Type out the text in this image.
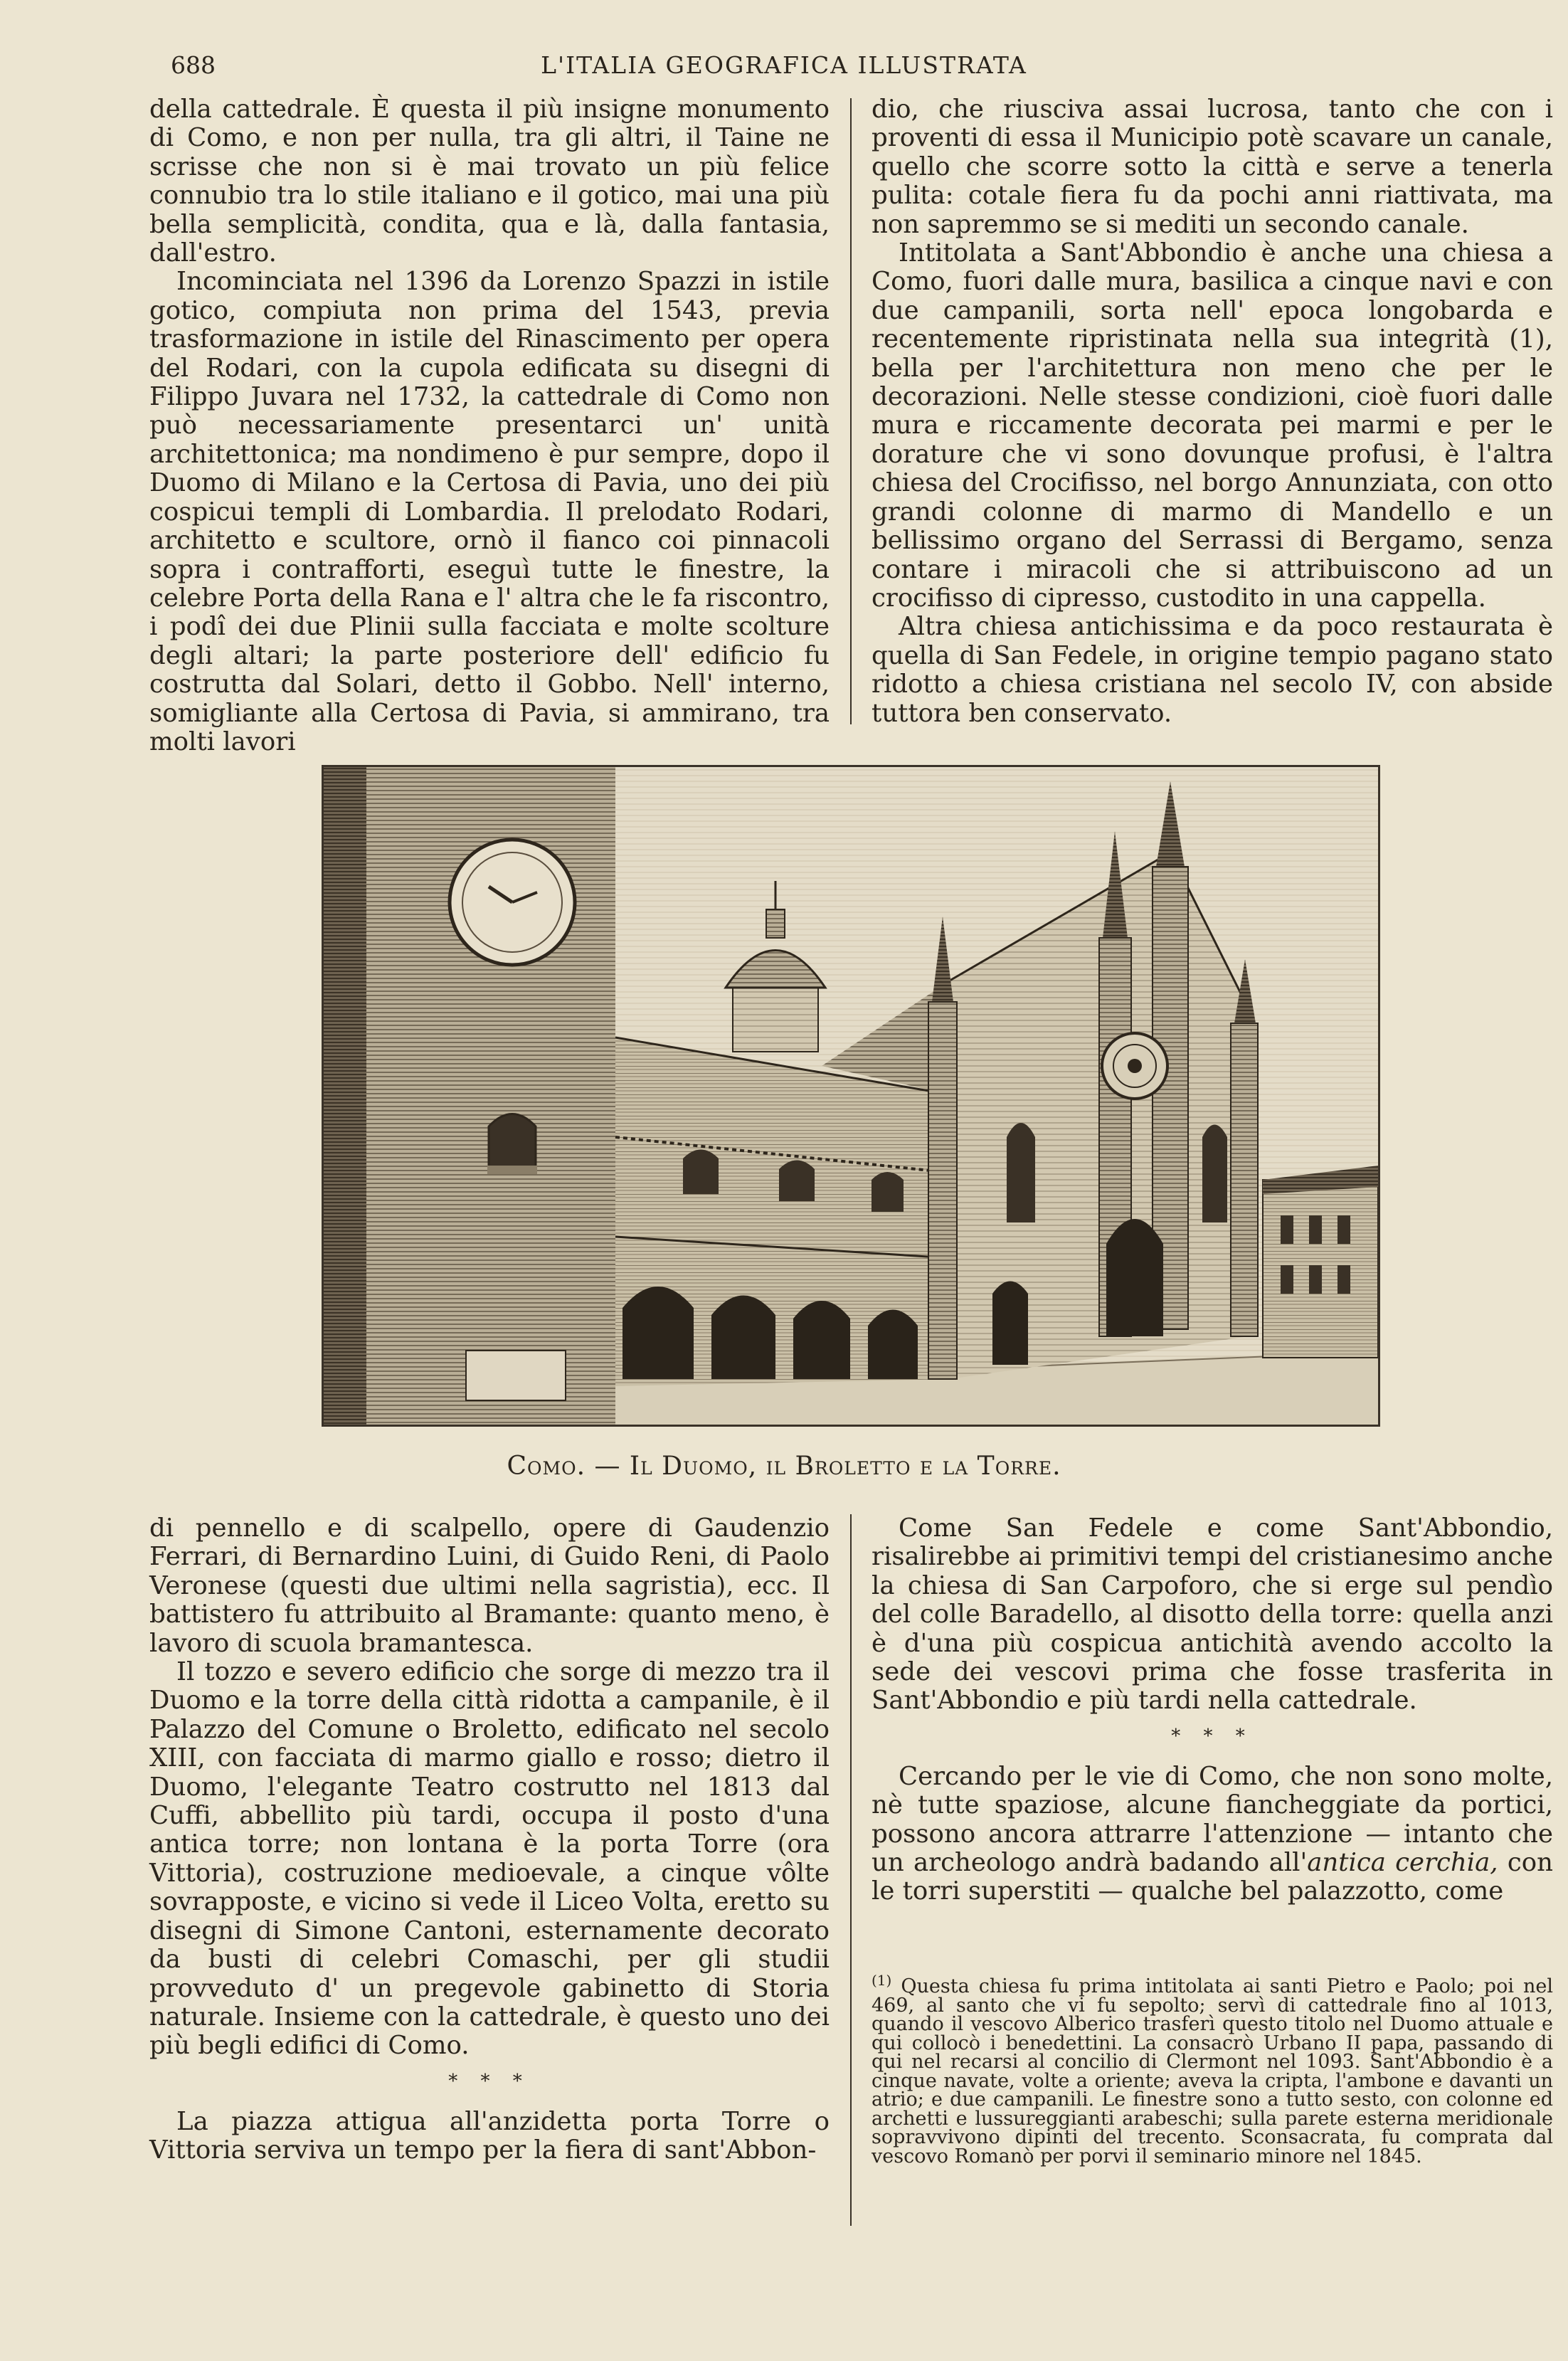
688	L'ITALIA GEOGRAFICA ILLUSTRATA

della cattedrale. È questa il più insigne monumento di Como, e non per nulla, tra gli altri, il Taine ne scrisse che non si è mai trovato un più felice connubio tra lo stile italiano e il gotico, mai una più bella semplicità, condita, qua e là, dalla fantasia, dall'estro.

Incominciata nel 1396 da Lorenzo Spazzi in istile gotico, compiuta non prima del 1543, previa trasformazione in istile del Rinascimento per opera del Rodari, con la cupola edificata su disegni di Filippo Juvara nel 1732, la cattedrale di Como non può necessariamente presentarci un' unità architettonica; ma nondimeno è pur sempre, dopo il Duomo di Milano e la Certosa di Pavia, uno dei più cospicui templi di Lombardia. Il prelodato Rodari, architetto e scultore, ornò il fianco coi pinnacoli sopra i contrafforti, eseguì tutte le finestre, la celebre Porta della Rana e l' altra che le fa riscontro, i podî dei due Plinii sulla facciata e molte scolture degli altari; la parte posteriore dell' edificio fu costrutta dal Solari, detto il Gobbo. Nell' interno, somigliante alla Certosa di Pavia, si ammirano, tra molti lavori

dio, che riusciva assai lucrosa, tanto che con i proventi di essa il Municipio potè scavare un canale, quello che scorre sotto la città e serve a tenerla pulita: cotale fiera fu da pochi anni riattivata, ma non sapremmo se si mediti un secondo canale.

Intitolata a Sant'Abbondio è anche una chiesa a Como, fuori dalle mura, basilica a cinque navi e con due campanili, sorta nell' epoca longobarda e recentemente ripristinata nella sua integrità (1), bella per l'architettura non meno che per le decorazioni. Nelle stesse condizioni, cioè fuori dalle mura e riccamente decorata pei marmi e per le dorature che vi sono dovunque profusi, è l'altra chiesa del Crocifisso, nel borgo Annunziata, con otto grandi colonne di marmo di Mandello e un bellissimo organo del Serrassi di Bergamo, senza contare i miracoli che si attribuiscono ad un crocifisso di cipresso, custodito in una cappella.

Altra chiesa antichissima e da poco restaurata è quella di San Fedele, in origine tempio pagano stato ridotto a chiesa cristiana nel secolo IV, con abside tuttora ben conservato.

Como. — Il Duomo, il Broletto e la Torre.

di pennello e di scalpello, opere di Gaudenzio Ferrari, di Bernardino Luini, di Guido Reni, di Paolo Veronese (questi due ultimi nella sagristia), ecc. Il battistero fu attribuito al Bramante: quanto meno, è lavoro di scuola bramantesca.

Il tozzo e severo edificio che sorge di mezzo tra il Duomo e la torre della città ridotta a campanile, è il Palazzo del Comune o Broletto, edificato nel secolo XIII, con facciata di marmo giallo e rosso; dietro il Duomo, l'elegante Teatro costrutto nel 1813 dal Cuffi, abbellito più tardi, occupa il posto d'una antica torre; non lontana è la porta Torre (ora Vittoria), costruzione medioevale, a cinque vôlte sovrapposte, e vicino si vede il Liceo Volta, eretto su disegni di Simone Cantoni, esternamente decorato da busti di celebri Comaschi, per gli studii provveduto d' un pregevole gabinetto di Storia naturale. Insieme con la cattedrale, è questo uno dei più begli edifici di Como.

* * *

La piazza attigua all'anzidetta porta Torre o Vittoria serviva un tempo per la fiera di sant'Abbon-

Come San Fedele e come Sant'Abbondio, risalirebbe ai primitivi tempi del cristianesimo anche la chiesa di San Carpoforo, che si erge sul pendìo del colle Baradello, al disotto della torre: quella anzi è d'una più cospicua antichità avendo accolto la sede dei vescovi prima che fosse trasferita in Sant'Abbondio e più tardi nella cattedrale.

* * *

Cercando per le vie di Como, che non sono molte, nè tutte spaziose, alcune fiancheggiate da portici, possono ancora attrarre l'attenzione — intanto che un archeologo andrà badando all'antica cerchia, con le torri superstiti — qualche bel palazzotto, come

$^{(1)}$ Questa chiesa fu prima intitolata ai santi Pietro e Paolo; poi nel 469, al santo che vi fu sepolto; servì di cattedrale fino al 1013, quando il vescovo Alberico trasferì questo titolo nel Duomo attuale e qui collocò i benedettini. La consacrò Urbano II papa, passando di qui nel recarsi al concilio di Clermont nel 1093. Sant'Abbondio è a cinque navate, volte a oriente; aveva la cripta, l'ambone e davanti un atrio; e due campanili. Le finestre sono a tutto sesto, con colonne ed archetti e lussureggianti arabeschi; sulla parete esterna meridionale sopravvivono dipinti del trecento. Sconsacrata, fu comprata dal vescovo Romanò per porvi il seminario minore nel 1845.
